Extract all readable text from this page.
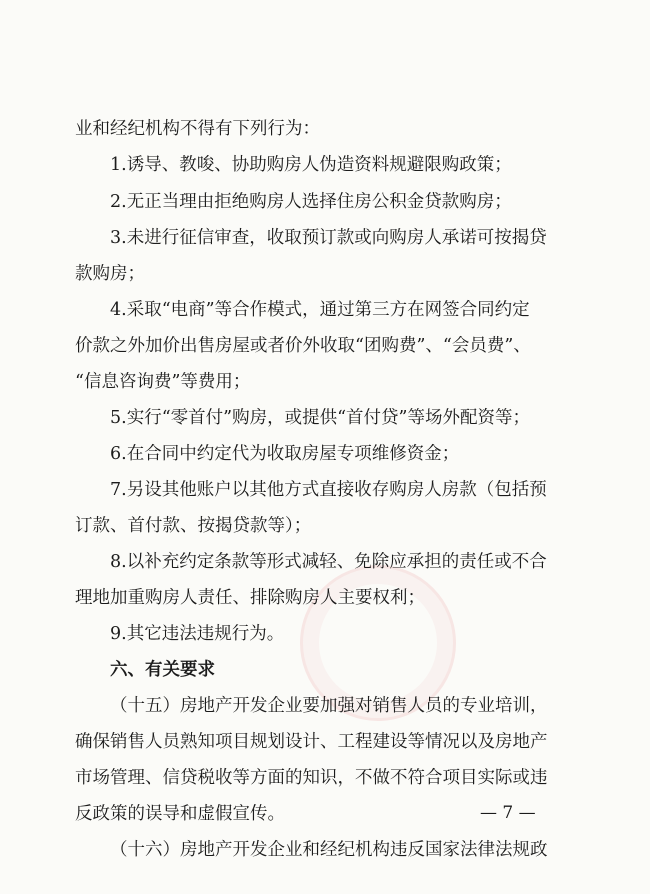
业和经纪机构不得有下列行为：
1.诱导、教唆、协助购房人伪造资料规避限购政策；
2.无正当理由拒绝购房人选择住房公积金贷款购房；
3.未进行征信审查，收取预订款或向购房人承诺可按揭贷
款购房；
4.采取“电商”等合作模式，通过第三方在网签合同约定
价款之外加价出售房屋或者价外收取“团购费”、“会员费”、
“信息咨询费”等费用；
5.实行“零首付”购房，或提供“首付贷”等场外配资等；
6.在合同中约定代为收取房屋专项维修资金；
7.另设其他账户以其他方式直接收存购房人房款（包括预
订款、首付款、按揭贷款等）；
8.以补充约定条款等形式减轻、免除应承担的责任或不合
理地加重购房人责任、排除购房人主要权利；
9.其它违法违规行为。
六、有关要求
（十五）房地产开发企业要加强对销售人员的专业培训，
确保销售人员熟知项目规划设计、工程建设等情况以及房地产
市场管理、信贷税收等方面的知识，不做不符合项目实际或违
反政策的误导和虚假宣传。
（十六）房地产开发企业和经纪机构违反国家法律法规政
— 7 —
